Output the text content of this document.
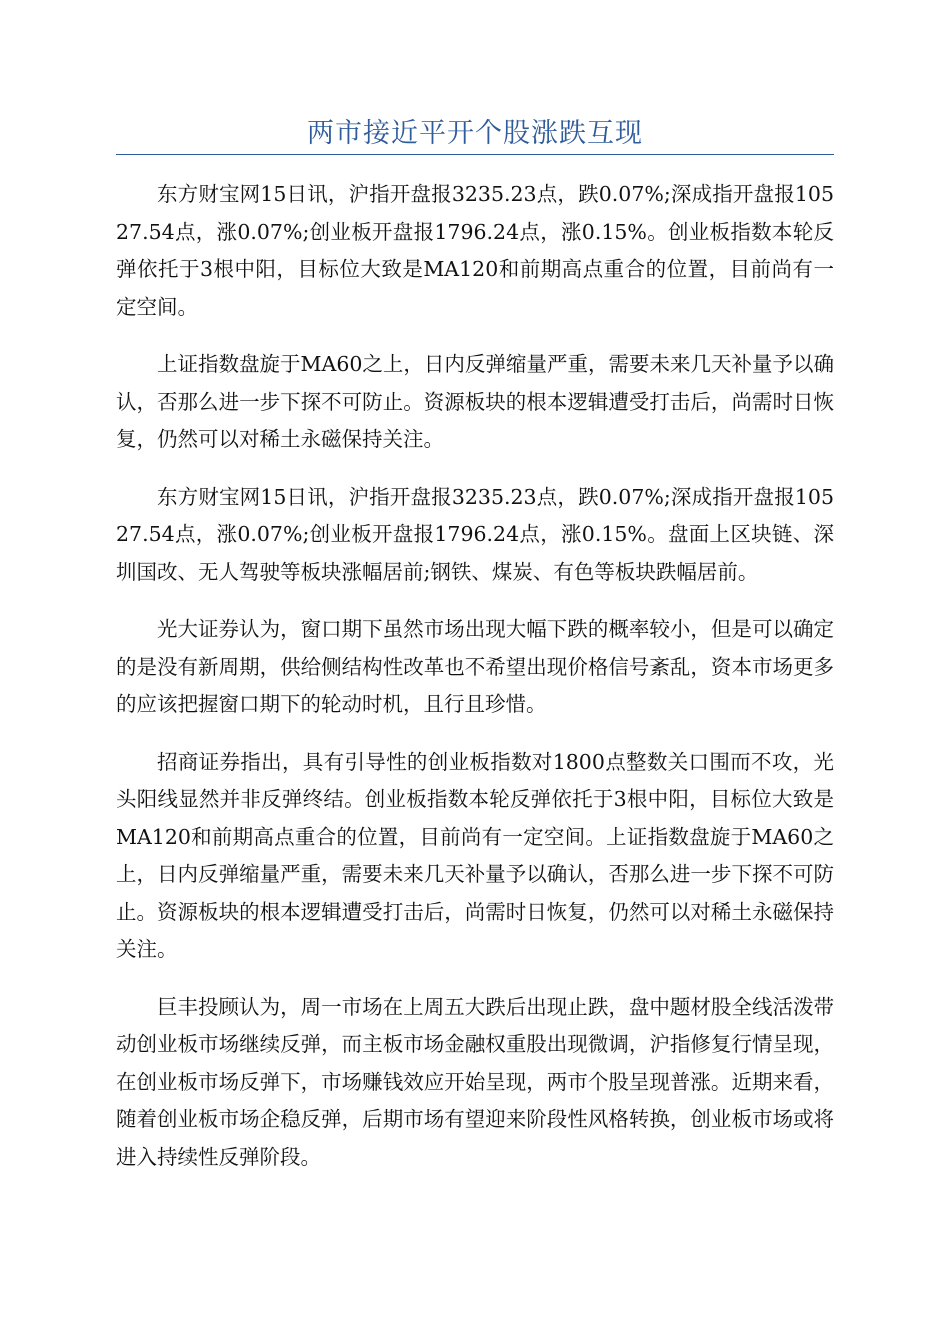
两市接近平开个股涨跌互现

东方财宝网15日讯，沪指开盘报3235.23点，跌0.07%;深成指开盘报10527.54点，涨0.07%;创业板开盘报1796.24点，涨0.15%。创业板指数本轮反弹依托于3根中阳，目标位大致是MA120和前期高点重合的位置，目前尚有一定空间。

上证指数盘旋于MA60之上，日内反弹缩量严重，需要未来几天补量予以确认，否那么进一步下探不可防止。资源板块的根本逻辑遭受打击后，尚需时日恢复，仍然可以对稀土永磁保持关注。

东方财宝网15日讯，沪指开盘报3235.23点，跌0.07%;深成指开盘报10527.54点，涨0.07%;创业板开盘报1796.24点，涨0.15%。盘面上区块链、深圳国改、无人驾驶等板块涨幅居前;钢铁、煤炭、有色等板块跌幅居前。

光大证券认为，窗口期下虽然市场出现大幅下跌的概率较小，但是可以确定的是没有新周期，供给侧结构性改革也不希望出现价格信号紊乱，资本市场更多的应该把握窗口期下的轮动时机，且行且珍惜。

招商证券指出，具有引导性的创业板指数对1800点整数关口围而不攻，光头阳线显然并非反弹终结。创业板指数本轮反弹依托于3根中阳，目标位大致是MA120和前期高点重合的位置，目前尚有一定空间。上证指数盘旋于MA60之上，日内反弹缩量严重，需要未来几天补量予以确认，否那么进一步下探不可防止。资源板块的根本逻辑遭受打击后，尚需时日恢复，仍然可以对稀土永磁保持关注。

巨丰投顾认为，周一市场在上周五大跌后出现止跌，盘中题材股全线活泼带动创业板市场继续反弹，而主板市场金融权重股出现微调，沪指修复行情呈现，在创业板市场反弹下，市场赚钱效应开始呈现，两市个股呈现普涨。近期来看，随着创业板市场企稳反弹，后期市场有望迎来阶段性风格转换，创业板市场或将进入持续性反弹阶段。
